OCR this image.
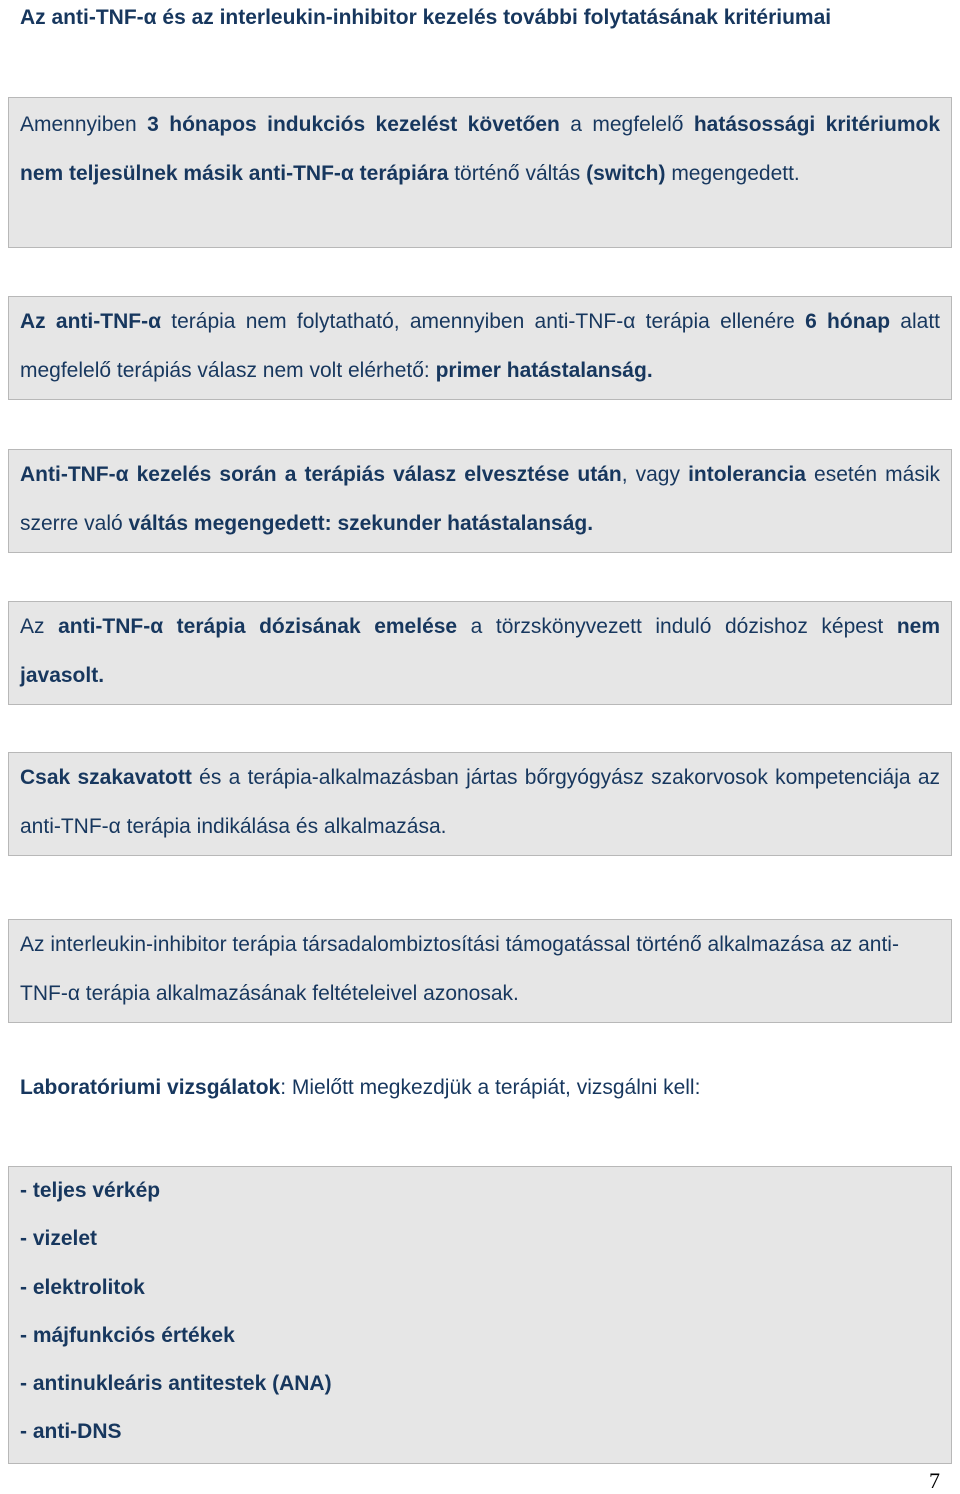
Az anti-TNF-α és az interleukin-inhibitor kezelés további folytatásának kritériumai

Amennyiben 3 hónapos indukciós kezelést követően a megfelelő hatásossági kritériumok nem teljesülnek másik anti-TNF-α terápiára történő váltás (switch) megengedett.

Az anti-TNF-α terápia nem folytatható, amennyiben anti-TNF-α terápia ellenére 6 hónap alatt megfelelő terápiás válasz nem volt elérhető: primer hatástalanság.

Anti-TNF-α kezelés során a terápiás válasz elvesztése után, vagy intolerancia esetén másik szerre való váltás megengedett: szekunder hatástalanság.

Az anti-TNF-α terápia dózisának emelése a törzskönyvezett induló dózishoz képest nem javasolt.

Csak szakavatott és a terápia-alkalmazásban jártas bőrgyógyász szakorvosok kompetenciája az anti-TNF-α terápia indikálása és alkalmazása.

Az interleukin-inhibitor terápia társadalombiztosítási támogatással történő alkalmazása az anti-TNF-α terápia alkalmazásának feltételeivel azonosak.

Laboratóriumi vizsgálatok: Mielőtt megkezdjük a terápiát, vizsgálni kell:
- teljes vérkép
- vizelet
- elektrolitok
- májfunkciós értékek
- antinukleáris antitestek (ANA)
- anti-DNS
7
